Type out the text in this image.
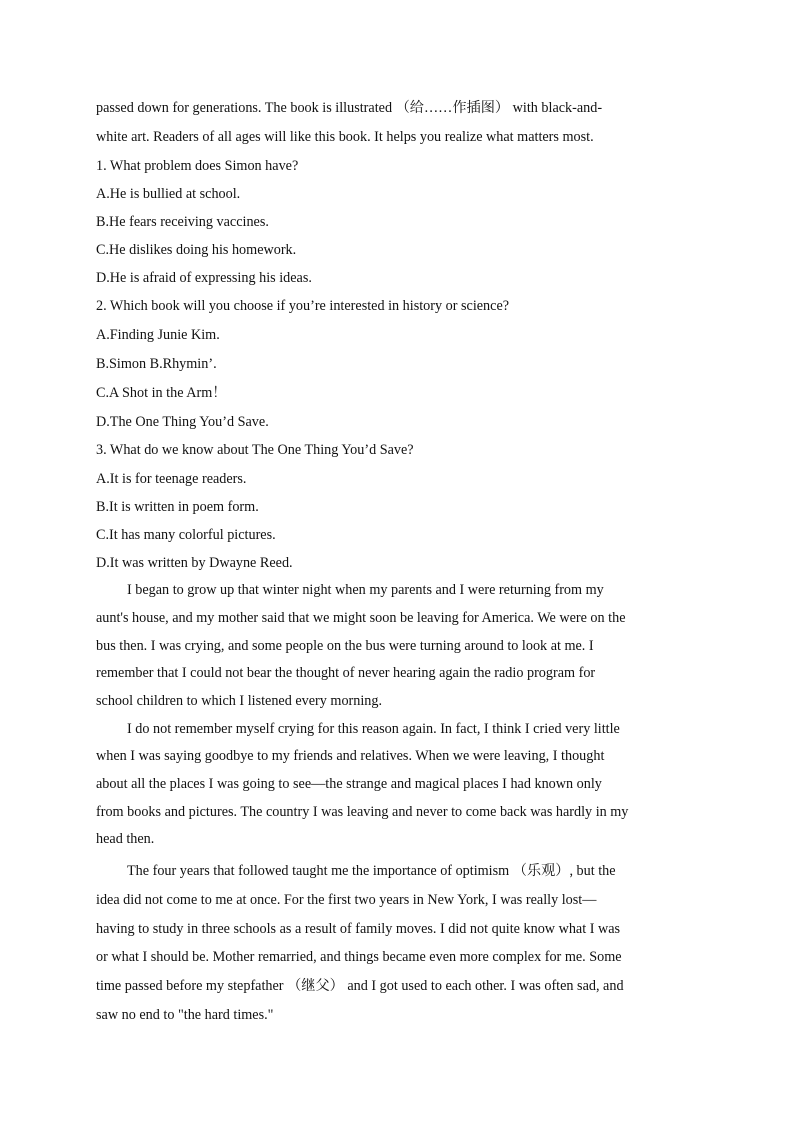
passed down for generations. The book is illustrated （给……作插图） with black-and-
white art. Readers of all ages will like this book. It helps you realize what matters most.
1. What problem does Simon have?
A.He is bullied at school.
B.He fears receiving vaccines.
C.He dislikes doing his homework.
D.He is afraid of expressing his ideas.
2. Which book will you choose if you’re interested in history or science?
A.Finding Junie Kim.
B.Simon B.Rhymin’.
C.A Shot in the Arm！
D.The One Thing You’d Save.
3. What do we know about The One Thing You’d Save?
A.It is for teenage readers.
B.It is written in poem form.
C.It has many colorful pictures.
D.It was written by Dwayne Reed.
I began to grow up that winter night when my parents and I were returning from my
aunt's house, and my mother said that we might soon be leaving for America. We were on the
bus then. I was crying, and some people on the bus were turning around to look at me. I
remember that I could not bear the thought of never hearing again the radio program for
school children to which I listened every morning.
I do not remember myself crying for this reason again. In fact, I think I cried very little
when I was saying goodbye to my friends and relatives. When we were leaving, I thought
about all the places I was going to see—the strange and magical places I had known only
from books and pictures. The country I was leaving and never to come back was hardly in my
head then.
The four years that followed taught me the importance of optimism （乐观）, but the
idea did not come to me at once. For the first two years in New York, I was really lost—
having to study in three schools as a result of family moves. I did not quite know what I was
or what I should be. Mother remarried, and things became even more complex for me. Some
time passed before my stepfather （继父） and I got used to each other. I was often sad, and
saw no end to "the hard times."
